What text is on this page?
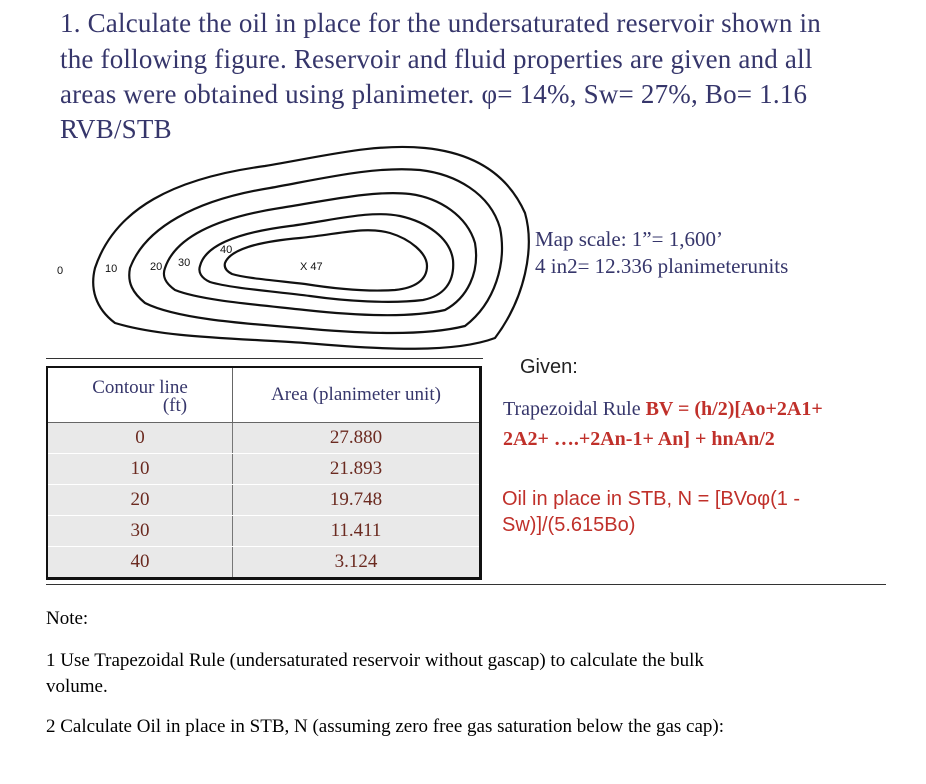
1. Calculate the oil in place for the undersaturated reservoir shown in
the following figure. Reservoir and fluid properties are given and all
areas were obtained using planimeter. φ= 14%, Sw= 27%, Bo= 1.16
RVB/STB
0	10	20 30
40
X 47
Map scale: 1”= 1,600’
4 in2= 12.336 planimeterunits
Contour line
(ft)	Area (planimeter unit)
0	27.880
10	21.893
20	19.748
30	11.411
40	3.124
Given:
Trapezoidal Rule BV = (h/2)[Ao+2A1+
2A2+ ….+2An-1+ An] + hnAn/2
Oil in place in STB, N = [BVoφ(1 -
Sw)]/(5.615Bo)
Note:
1 Use Trapezoidal Rule (undersaturated reservoir without gascap) to calculate the bulk
volume.
2 Calculate Oil in place in STB, N (assuming zero free gas saturation below the gas cap):
